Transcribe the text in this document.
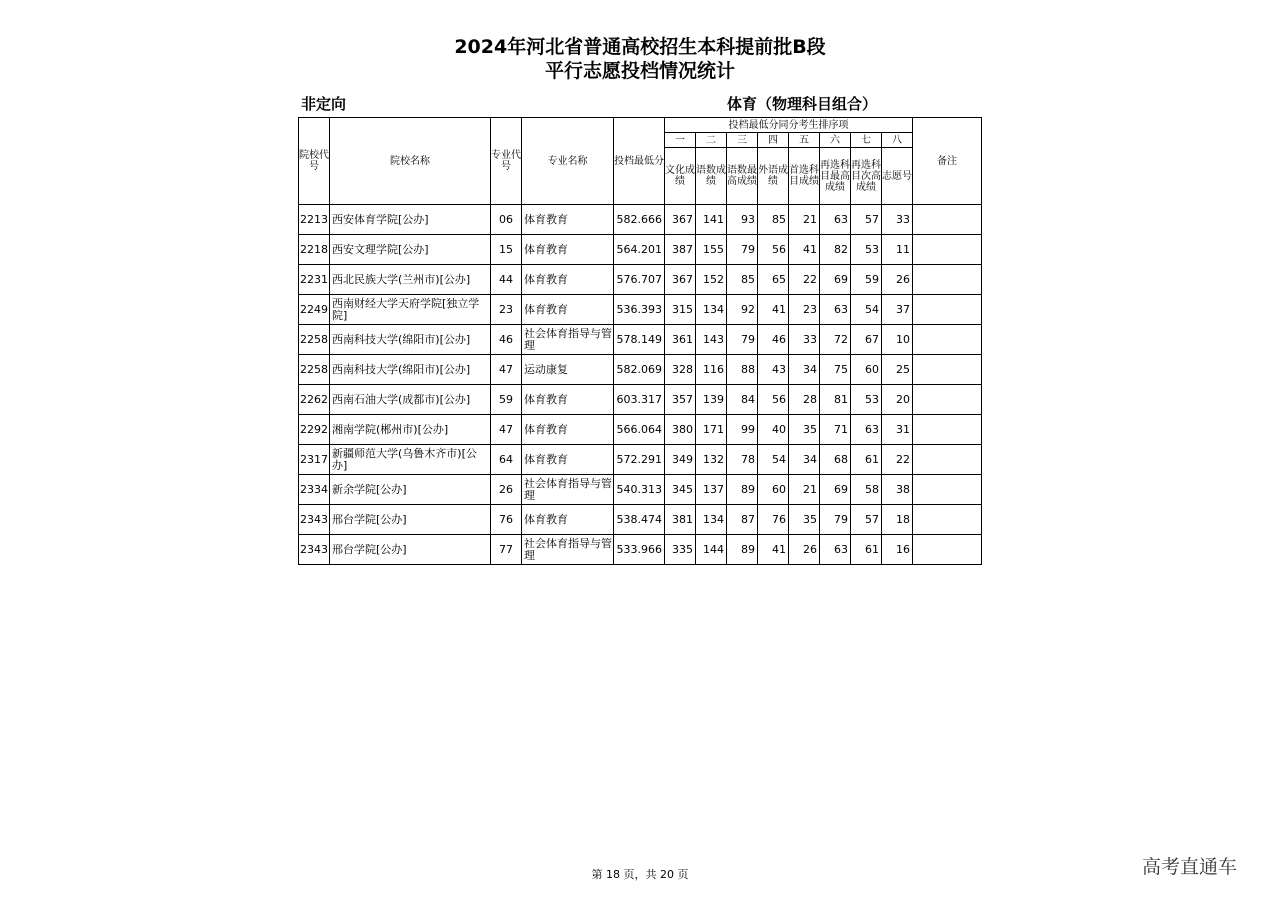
2024年河北省普通高校招生本科提前批B段
平行志愿投档情况统计
非定向	体育（物理科目组合）
院校代号	院校名称	专业代号	专业名称	投档最低分	投档最低分同分考生排序项								备注
					一	二	三	四	五	六	七	八	
					文化成绩	语数成绩	语数最高成绩	外语成绩	首选科目成绩	再选科目最高成绩	再选科目次高成绩	志愿号	
2213	西安体育学院[公办]	06	体育教育	582.666	367	141	93	85	21	63	57	33	
2218	西安文理学院[公办]	15	体育教育	564.201	387	155	79	56	41	82	53	11	
2231	西北民族大学(兰州市)[公办]	44	体育教育	576.707	367	152	85	65	22	69	59	26	
2249	西南财经大学天府学院[独立学院]	23	体育教育	536.393	315	134	92	41	23	63	54	37	
2258	西南科技大学(绵阳市)[公办]	46	社会体育指导与管理	578.149	361	143	79	46	33	72	67	10	
2258	西南科技大学(绵阳市)[公办]	47	运动康复	582.069	328	116	88	43	34	75	60	25	
2262	西南石油大学(成都市)[公办]	59	体育教育	603.317	357	139	84	56	28	81	53	20	
2292	湘南学院(郴州市)[公办]	47	体育教育	566.064	380	171	99	40	35	71	63	31	
2317	新疆师范大学(乌鲁木齐市)[公办]	64	体育教育	572.291	349	132	78	54	34	68	61	22	
2334	新余学院[公办]	26	社会体育指导与管理	540.313	345	137	89	60	21	69	58	38	
2343	邢台学院[公办]	76	体育教育	538.474	381	134	87	76	35	79	57	18	
2343	邢台学院[公办]	77	社会体育指导与管理	533.966	335	144	89	41	26	63	61	16	
第 18 页，共 20 页	高考直通车
